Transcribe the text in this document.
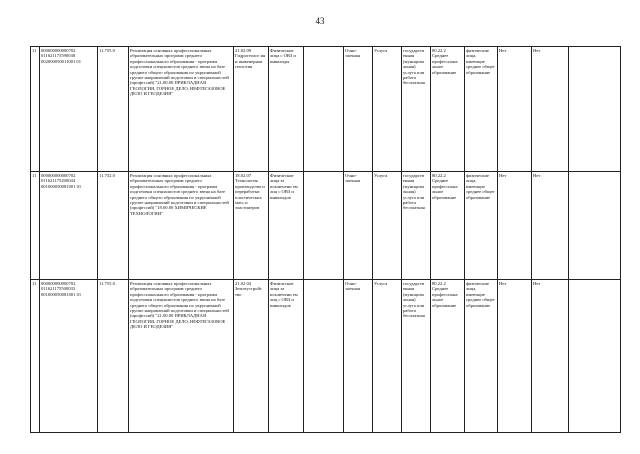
43
11	000000000000702 011621175590038 002000050011001 01	11.755.0	Реализация основных профессиональных образовательных программ среднего профессионального образования - программ подготовки специалистов среднего звена на базе среднего общего образования по укрупненной группе направлений подготовки и специальностей (профессий) "21.00.00 ПРИКЛАДНАЯ ГЕОЛОГИЯ, ГОРНОЕ ДЕЛО, НЕФТЕГАЗОВОЕ ДЕЛО И ГЕОДЕЗИЯ"	21.02.09 Гидрогеолог ия и инженерная геология	Физические лица с ОВЗ и инвалиды		Очно-заочная	Услуга	государств енная (муниципа льная) услуга или работа бесплатная	80.22.2 Среднее профессиона льное образование	физические лица, имеющие среднее общее образование	Нет	Нет	
11	000000000000702 011621175200044 001000050081001 01	11.752.0	Реализация основных профессиональных образовательных программ среднего профессионального образования - программ подготовки специалистов среднего звена на базе среднего общего образования по укрупненной группе направлений подготовки и специальностей (профессий) "18.00.00 ХИМИЧЕСКИЕ ТЕХНОЛОГИИ"	18.02.07 Технология производства и переработки пластических масс и эластомеров	Физические лица за исключени ем лиц с ОВЗ и инвалидов		Очно-заочная	Услуга	государств енная (муниципа льная) услуга или работа бесплатная	80.22.2 Среднее профессиона льное образование	физические лица, имеющие среднее общее образование	Нет	Нет	
11	000000000000702 011621175500033 001000050081001 01	11.755.0	Реализация основных профессиональных образовательных программ среднего профессионального образования - программ подготовки специалистов среднего звена на базе среднего общего образования по укрупненной группе направлений подготовки и специальностей (профессий) "21.00.00 ПРИКЛАДНАЯ ГЕОЛОГИЯ, ГОРНОЕ ДЕЛО, НЕФТЕГАЗОВОЕ ДЕЛО И ГЕОДЕЗИЯ"	21.02.04 Землеустройс тво	Физические лица за исключени ем лиц с ОВЗ и инвалидов		Очно-заочная	Услуга	государств енная (муниципа льная) услуга или работа бесплатная	80.22.2 Среднее профессиона льное образование	физические лица, имеющие среднее общее образование	Нет	Нет	
